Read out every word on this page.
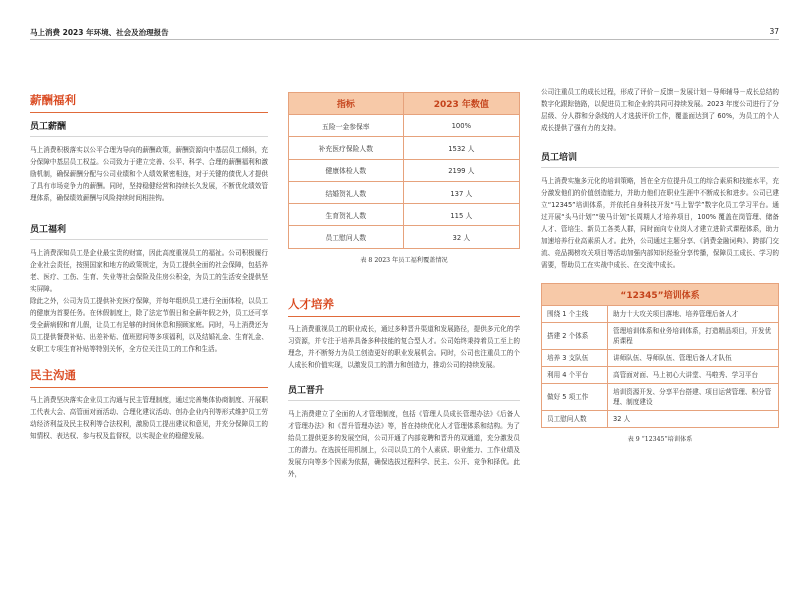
马上消费 2023 年环境、社会及治理报告	37
薪酬福利
员工薪酬

马上消费积极落实以公平合理为导向的薪酬政策，薪酬资源向中基层员工倾斜，充分保障中基层员工权益。公司致力于建立完善、公平、科学、合理的薪酬福利和激励机制，确保薪酬分配与公司业绩和个人绩效紧密相连，对于关键的债优人才提供了具有市场竞争力的薪酬。同时，坚持稳健经营和持续长久发展，不断优化绩效管理体系，确保绩效薪酬与风险持续时间相挂钩。

员工福利

马上消费深知员工是企业最宝贵的财富，因此高度重视员工的福祉。公司积极履行企业社会责任，按照国家和地方的政策规定，为员工提供全面的社会保障，包括养老、医疗、工伤、生育、失业等社会保险及住房公积金，为员工的生活安全提供坚实屏障。

除此之外，公司为员工提供补充医疗保障，并每年组织员工进行全面体检，以员工的健康为首要任务。在休假制度上，除了法定节假日和全薪年假之外，员工还可享受全薪病假和育儿假，让员工有足够的时间休息和照顾家庭。同时，马上消费还为员工提供餐费补贴、出差补贴、值班慰问等多项福利，以及结婚礼金、生育礼金、女职工专项生育补贴等特别关怀，全方位关注员工的工作和生活。

民主沟通

马上消费坚决落实企业员工沟通与民主管理制度，通过完善集体协商制度、开展职工代表大会、高管面对面活动、合理化建议活动、创办企业内刊等形式维护员工劳动经济利益及民主权利等合法权利，激励员工提出建议和意见，并充分保障员工的知情权、表达权、参与权及监督权，以实现企业的稳健发展。

指标	2023 年数值
五险一金参保率	100%
补充医疗保险人数	1532 人
健康体检人数	2199 人
结婚贺礼人数	137 人
生育贺礼人数	115 人
员工慰问人数	32 人
表 8 2023 年员工福利覆盖情况
人才培养

马上消费重视员工的职业成长，通过多种晋升渠道和发展路径，提供多元化的学习资源，并专注于培养具备多种技能的复合型人才。公司始终秉持着员工至上的理念，并不断努力为员工创造更好的职业发展机会。同时，公司也注重员工的个人成长和价值实现，以激发员工的潜力和创造力，推动公司的持续发展。

员工晋升

马上消费建立了全面的人才管理制度，包括《管理人员成长管理办法》《后备人才管理办法》和《晋升管理办法》等，旨在持续优化人才管理体系和结构。为了给员工提供更多的发展空间，公司开通了内部竞聘和晋升的双通道，充分激发员工的潜力。在选拔任用机制上，公司以员工的个人素质、职业能力、工作业绩及发展方向等多个因素为依据，确保选拔过程科学、民主、公开、竞争和择优。此外，

公司注重员工的成长过程，形成了评价－反馈－发展计划－导师辅导－成长总结的数字化跟踪链路，以促进员工和企业的共同可持续发展。2023 年度公司进行了分层级、分人群和分条线的人才选拔评价工作，覆盖面达到了 60%，为员工的个人成长提供了强有力的支持。

员工培训

马上消费实施多元化的培训策略，旨在全方位提升员工的综合素质和技能水平，充分激发他们的价值创造能力，并助力他们在职业生涯中不断成长和进步。公司已建立“12345”培训体系，并依托自身科技开发“马上智学”数字化员工学习平台。通过开展“头马计划”“骏马计划”长周期人才培养项目，100% 覆盖在岗管理、储备人才、管培生、新员工各类人群，同时面向专业岗人才建立进阶式课程体系，助力加速培养行业高素质人才。此外，公司通过主题分享、《消费金融词典》、跨部门交流、竞品揭榜攻关项目等活动加强内部知识经验分享传播，保障员工成长、学习的需要，帮助员工在实战中成长、在交流中成长。

“12345”培训体系	
围绕 1 个主线	助力十大攻关项目落地、培养管理后备人才
搭建 2 个体系	管理培训体系和业务培训体系，打造精品项目，开发优质课程
培养 3 支队伍	讲师队伍、导师队伍、管理后备人才队伍
利用 4 个平台	高管面对面、马上初心大讲堂、马啦秀、学习平台
做好 5 项工作	培训资源开发、分享平台搭建、项目运营管理、积分管理、制度建设
员工慰问人数	32 人
表 9 “12345”培训体系
